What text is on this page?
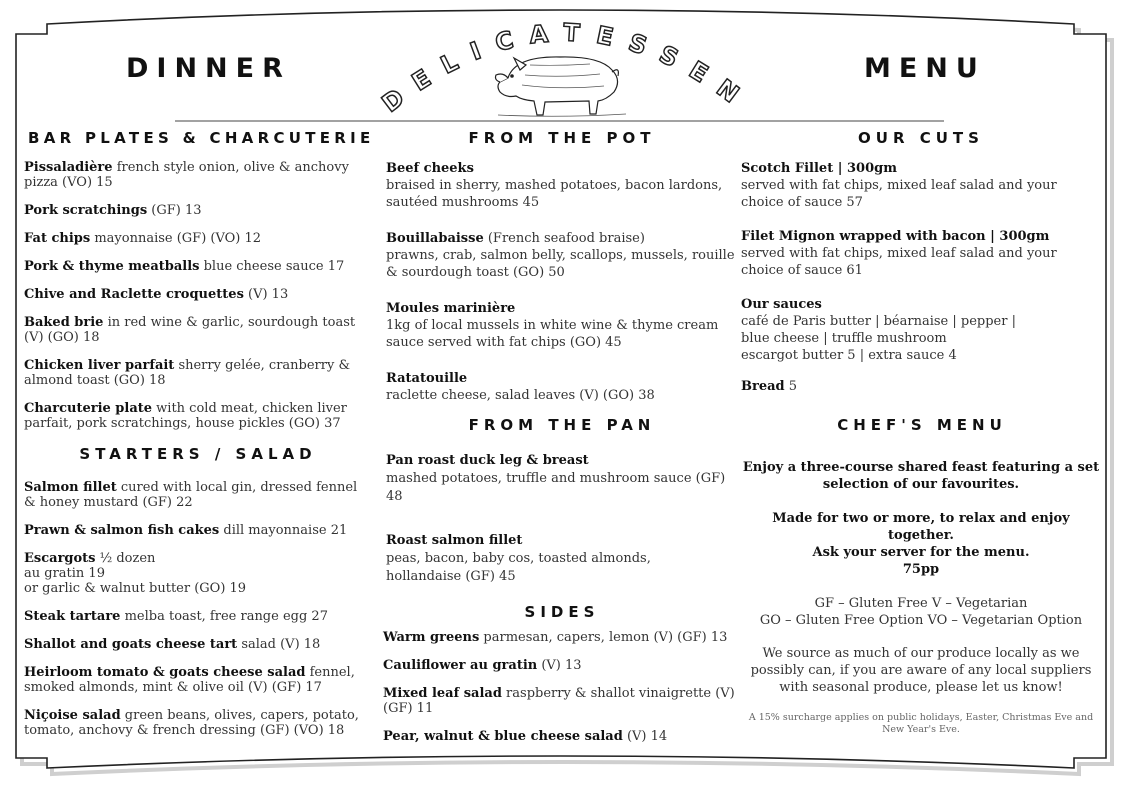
DELICATESSEN
DINNER	MENU
BAR PLATES & CHARCUTERIE
Pissaladière french style onion, olive & anchovy pizza (VO) 15
Pork scratchings (GF) 13
Fat chips mayonnaise (GF) (VO) 12
Pork & thyme meatballs blue cheese sauce 17
Chive and Raclette croquettes (V) 13
Baked brie in red wine & garlic, sourdough toast (V) (GO) 18
Chicken liver parfait sherry gelée, cranberry & almond toast (GO) 18
Charcuterie plate with cold meat, chicken liver parfait, pork scratchings, house pickles (GO) 37
STARTERS / SALAD
Salmon fillet cured with local gin, dressed fennel & honey mustard (GF) 22
Prawn & salmon fish cakes dill mayonnaise 21
Escargots ½ dozen
au gratin 19
or garlic & walnut butter (GO) 19
Steak tartare melba toast, free range egg 27
Shallot and goats cheese tart salad (V) 18
Heirloom tomato & goats cheese salad fennel, smoked almonds, mint & olive oil (V) (GF) 17
Niçoise salad green beans, olives, capers, potato, tomato, anchovy & french dressing (GF) (VO) 18
FROM THE POT
Beef cheeks
braised in sherry, mashed potatoes, bacon lardons, sautéed mushrooms 45
Bouillabaisse (French seafood braise)
prawns, crab, salmon belly, scallops, mussels, rouille & sourdough toast (GO) 50
Moules marinière
1kg of local mussels in white wine & thyme cream sauce served with fat chips (GO) 45
Ratatouille
raclette cheese, salad leaves (V) (GO) 38
FROM THE PAN
Pan roast duck leg & breast
mashed potatoes, truffle and mushroom sauce (GF) 48
Roast salmon fillet
peas, bacon, baby cos, toasted almonds, hollandaise (GF) 45
SIDES
Warm greens parmesan, capers, lemon (V) (GF) 13
Cauliflower au gratin (V) 13
Mixed leaf salad raspberry & shallot vinaigrette (V) (GF) 11
Pear, walnut & blue cheese salad (V) 14
OUR CUTS
Scotch Fillet | 300gm
served with fat chips, mixed leaf salad and your choice of sauce 57
Filet Mignon wrapped with bacon | 300gm
served with fat chips, mixed leaf salad and your choice of sauce 61
Our sauces
café de Paris butter | béarnaise | pepper |
blue cheese | truffle mushroom
escargot butter 5 | extra sauce 4
Bread 5
CHEF'S MENU
Enjoy a three-course shared feast featuring a set selection of our favourites.
Made for two or more, to relax and enjoy together.
Ask your server for the menu.
75pp
GF – Gluten Free V – Vegetarian
GO – Gluten Free Option VO – Vegetarian Option
We source as much of our produce locally as we possibly can, if you are aware of any local suppliers with seasonal produce, please let us know!
A 15% surcharge applies on public holidays, Easter, Christmas Eve and New Year's Eve.
